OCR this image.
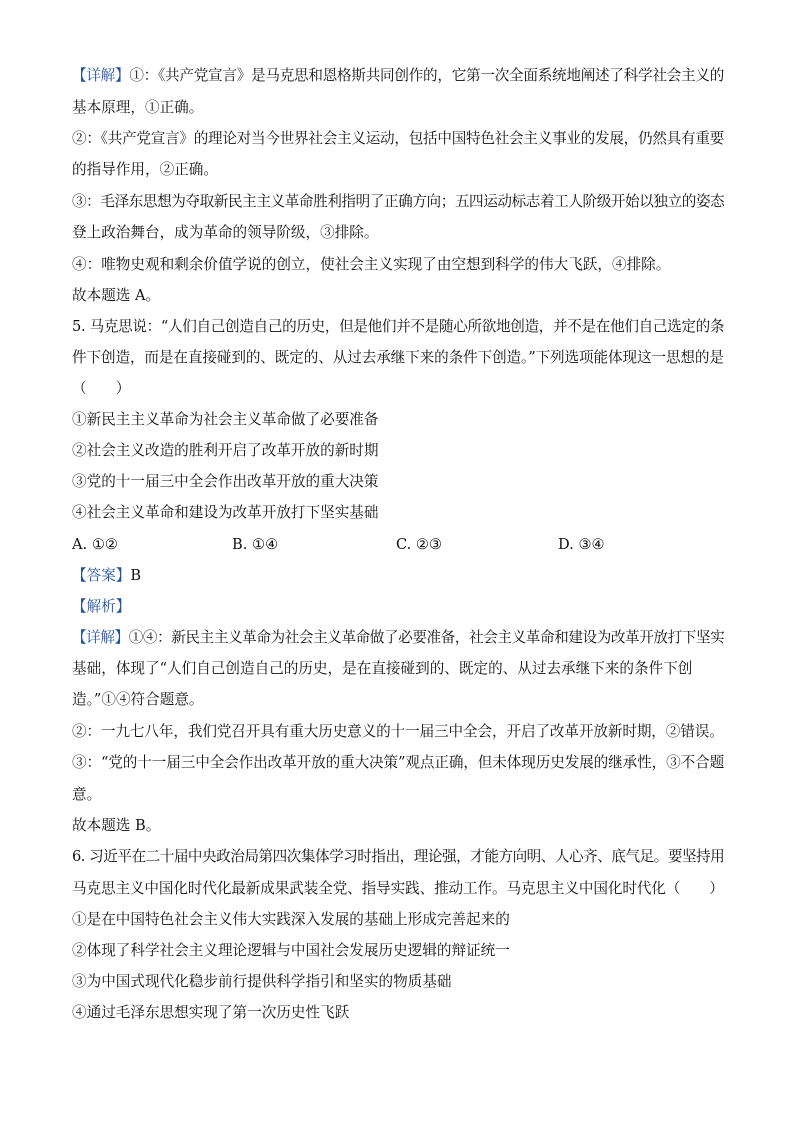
【详解】①：《共产党宣言》是马克思和恩格斯共同创作的，它第一次全面系统地阐述了科学社会主义的
基本原理，①正确。
②：《共产党宣言》的理论对当今世界社会主义运动，包括中国特色社会主义事业的发展，仍然具有重要
的指导作用，②正确。
③：毛泽东思想为夺取新民主主义革命胜利指明了正确方向；五四运动标志着工人阶级开始以独立的姿态
登上政治舞台，成为革命的领导阶级，③排除。
④：唯物史观和剩余价值学说的创立，使社会主义实现了由空想到科学的伟大飞跃，④排除。
故本题选 A。
5. 马克思说：“人们自己创造自己的历史，但是他们并不是随心所欲地创造，并不是在他们自己选定的条
件下创造，而是在直接碰到的、既定的、从过去承继下来的条件下创造。”下列选项能体现这一思想的是
（　　）
①新民主主义革命为社会主义革命做了必要准备
②社会主义改造的胜利开启了改革开放的新时期
③党的十一届三中全会作出改革开放的重大决策
④社会主义革命和建设为改革开放打下坚实基础
A. ①②	B. ①④	C. ②③	D. ③④
【答案】B
【解析】
【详解】①④：新民主主义革命为社会主义革命做了必要准备，社会主义革命和建设为改革开放打下坚实
基础，体现了“人们自己创造自己的历史，是在直接碰到的、既定的、从过去承继下来的条件下创
造。”①④符合题意。
②：一九七八年，我们党召开具有重大历史意义的十一届三中全会，开启了改革开放新时期，②错误。
③：“党的十一届三中全会作出改革开放的重大决策”观点正确，但未体现历史发展的继承性，③不合题
意。
故本题选 B。
6. 习近平在二十届中央政治局第四次集体学习时指出，理论强，才能方向明、人心齐、底气足。要坚持用
马克思主义中国化时代化最新成果武装全党、指导实践、推动工作。马克思主义中国化时代化（　　）
①是在中国特色社会主义伟大实践深入发展的基础上形成完善起来的
②体现了科学社会主义理论逻辑与中国社会发展历史逻辑的辩证统一
③为中国式现代化稳步前行提供科学指引和坚实的物质基础
④通过毛泽东思想实现了第一次历史性飞跃
